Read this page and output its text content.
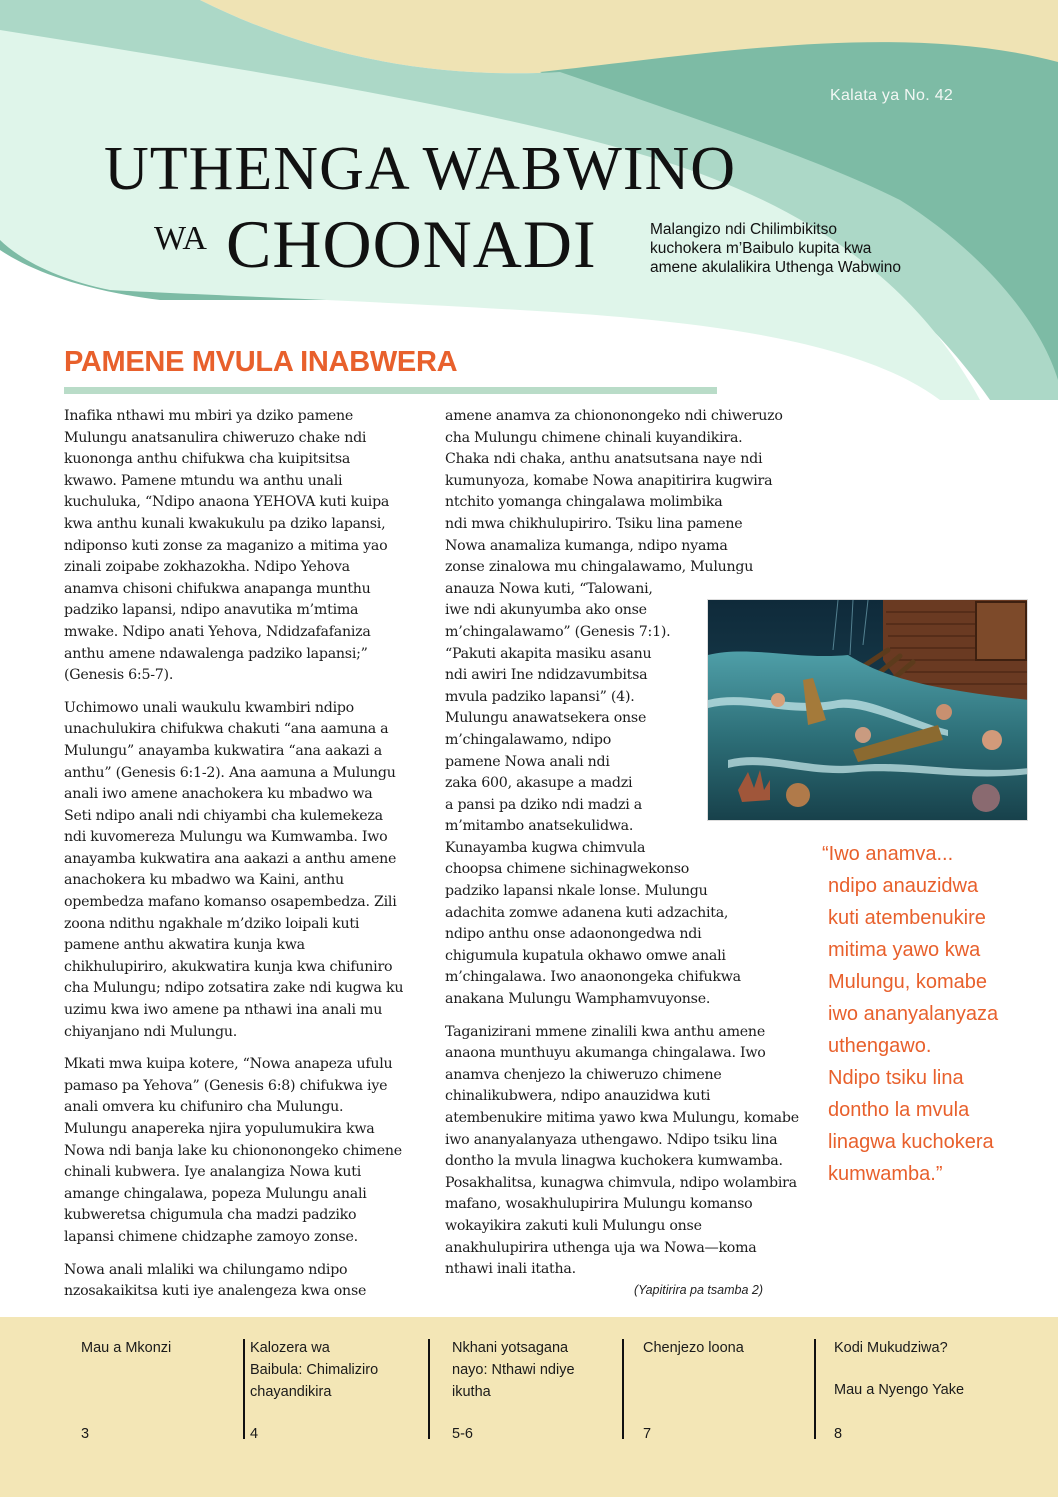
Kalata ya No. 42
UTHENGA WABWINO
WA CHOONADI	Malangizo ndi Chilimbikitso
kuchokera m’Baibulo kupita kwa
amene akulalikira Uthenga Wabwino
PAMENE MVULA INABWERA

Inafika nthawi mu mbiri ya dziko pamene Mulungu anatsanulira chiweruzo chake ndi kuononga anthu chifukwa cha kuipitsitsa kwawo. Pamene mtundu wa anthu unali kuchuluka, “Ndipo anaona YEHOVA kuti kuipa kwa anthu kunali kwakukulu pa dziko lapansi, ndiponso kuti zonse za maganizo a mitima yao zinali zoipabe zokhazokha. Ndipo Yehova anamva chisoni chifukwa anapanga munthu padziko lapansi, ndipo anavutika m’mtima mwake. Ndipo anati Yehova, Ndidzafafaniza anthu amene ndawalenga padziko lapansi;” (Genesis 6:5-7).

Uchimowo unali waukulu kwambiri ndipo unachulukira chifukwa chakuti “ana aamuna a Mulungu” anayamba kukwatira “ana aakazi a anthu” (Genesis 6:1-2). Ana aamuna a Mulungu anali iwo amene anachokera ku mbadwo wa Seti ndipo anali ndi chiyambi cha kulemekeza ndi kuvomereza Mulungu wa Kumwamba. Iwo anayamba kukwatira ana aakazi a anthu amene anachokera ku mbadwo wa Kaini, anthu opembedza mafano komanso osapembedza. Zili zoona ndithu ngakhale m’dziko loipali kuti pamene anthu akwatira kunja kwa chikhulupiriro, akukwatira kunja kwa chifuniro cha Mulungu; ndipo zotsatira zake ndi kugwa ku uzimu kwa iwo amene pa nthawi ina anali mu chiyanjano ndi Mulungu.

Mkati mwa kuipa kotere, “Nowa anapeza ufulu pamaso pa Yehova” (Genesis 6:8) chifukwa iye anali omvera ku chifuniro cha Mulungu. Mulungu anapereka njira yopulumukira kwa Nowa ndi banja lake ku chiononongeko chimene chinali kubwera. Iye analangiza Nowa kuti amange chingalawa, popeza Mulungu anali kubweretsa chigumula cha madzi padziko lapansi chimene chidzaphe zamoyo zonse.

Nowa anali mlaliki wa chilungamo ndipo nzosakaikitsa kuti iye analengeza kwa onse

amene anamva za chiononongeko ndi chiweruzo
cha Mulungu chimene chinali kuyandikira.
Chaka ndi chaka, anthu anatsutsana naye ndi
kumunyoza, komabe Nowa anapitirira kugwira
ntchito yomanga chingalawa molimbika
ndi mwa chikhulupiriro. Tsiku lina pamene
Nowa anamaliza kumanga, ndipo nyama
zonse zinalowa mu chingalawamo, Mulungu
anauza Nowa kuti, “Talowani,
iwe ndi akunyumba ako onse
m’chingalawamo” (Genesis 7:1).
“Pakuti akapita masiku asanu
ndi awiri Ine ndidzavumbitsa
mvula padziko lapansi” (4).
Mulungu anawatsekera onse
m’chingalawamo, ndipo
pamene Nowa anali ndi
zaka 600, akasupe a madzi
a pansi pa dziko ndi madzi a
m’mitambo anatsekulidwa.
Kunayamba kugwa chimvula
choopsa chimene sichinagwekonso
padziko lapansi nkale lonse. Mulungu
adachita zomwe adanena kuti adzachita,
ndipo anthu onse adaonongedwa ndi
chigumula kupatula okhawo omwe anali
m’chingalawa. Iwo anaonongeka chifukwa
anakana Mulungu Wamphamvuyonse.

Taganizirani mmene zinalili kwa anthu amene anaona munthuyu akumanga chingalawa. Iwo anamva chenjezo la chiweruzo chimene chinalikubwera, ndipo anauzidwa kuti atembenukire mitima yawo kwa Mulungu, komabe iwo ananyalanyaza uthengawo. Ndipo tsiku lina dontho la mvula linagwa kuchokera kumwamba. Posakhalitsa, kunagwa chimvula, ndipo wolambira mafano, wosakhulupirira Mulungu komanso wokayikira zakuti kuli Mulungu onse anakhulupirira uthenga uja wa Nowa—koma nthawi inali itatha.

(Yapitirira pa tsamba 2)
“Iwo anamva...
ndipo anauzidwa
kuti atembenukire
mitima yawo kwa
Mulungu, komabe
iwo ananyalanyaza
uthengawo.
Ndipo tsiku lina
dontho la mvula
linagwa kuchokera
kumwamba.”
Mau a Mkonzi
3
Kalozera wa
Baibula: Chimaliziro
chayandikira
4
Nkhani yotsagana
nayo: Nthawi ndiye
ikutha
5-6
Chenjezo loona
7
Kodi Mukudziwa?
Mau a Nyengo Yake
8
